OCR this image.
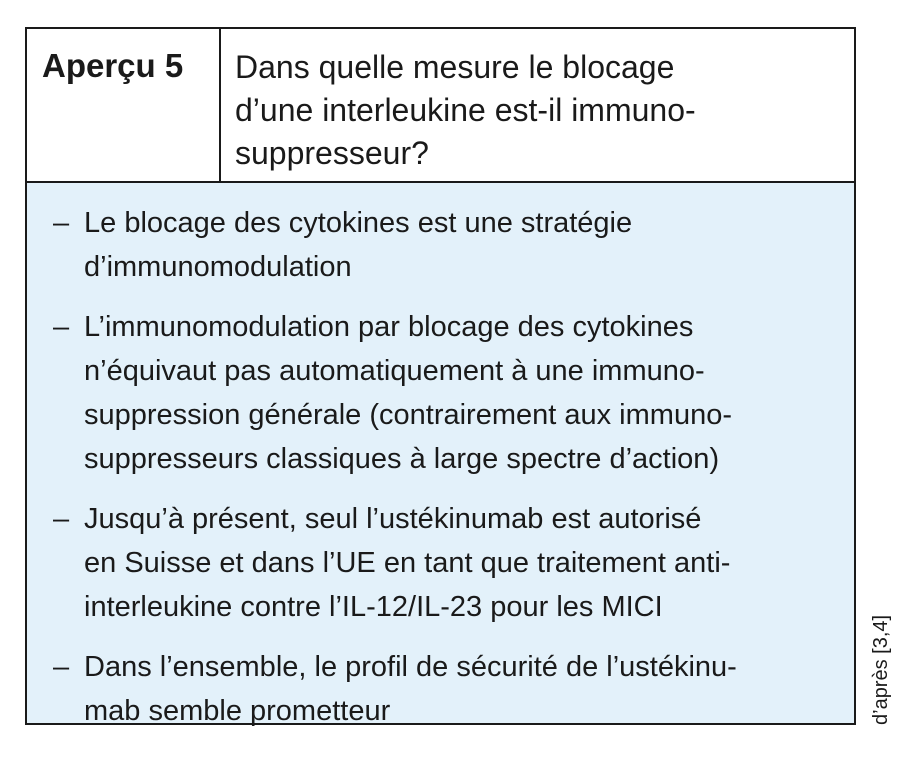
Aperçu 5	Dans quelle mesure le blocage
d’une interleukine est-il immuno-
suppresseur?
– Le blocage des cytokines est une stratégie
d’immunomodulation
– L’immunomodulation par blocage des cytokines
n’équivaut pas automatiquement à une immuno-
suppression générale (contrairement aux immuno-
suppresseurs classiques à large spectre d’action)
– Jusqu’à présent, seul l’ustékinumab est autorisé
en Suisse et dans l’UE en tant que traitement anti-
interleukine contre l’IL-12/IL-23 pour les MICI
– Dans l’ensemble, le profil de sécurité de l’ustékinu-
mab semble prometteur	d’après [3,4]
